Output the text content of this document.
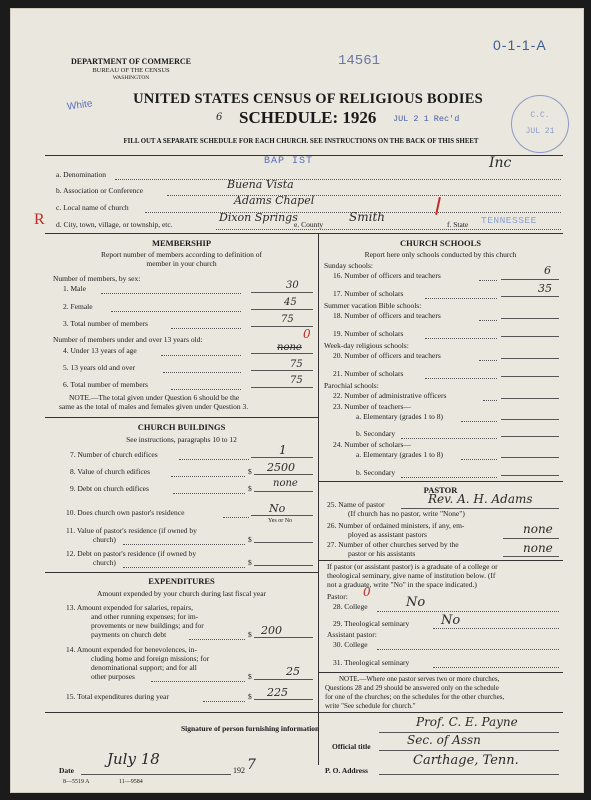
0-1-1-A
DEPARTMENT OF COMMERCE
BUREAU OF THE CENSUS
WASHINGTON
14561
White
6
UNITED STATES CENSUS OF RELIGIOUS BODIES
SCHEDULE: 1926 JUL 2 1 Rec'd	C.C.
JUL 21
FILL OUT A SEPARATE SCHEDULE FOR EACH CHURCH. SEE INSTRUCTIONS ON THE BACK OF THIS SHEET
BAP IST	Inc
a. Denomination
b. Association or Conference	Buena Vista
c. Local name of church
Adams Chapel
R d. City, town, village, or township, etc.
Dixon Springs
e. County
Smith
f. State TENNESSEE
MEMBERSHIP
Report number of members according to definition of
member in your church
Number of members, by sex:
1. Male	30
2. Female	45
3. Total number of members	75
Number of members under and over 13 years old:	0
4. Under 13 years of age	none
5. 13 years old and over	75
6. Total number of members	75
NOTE.—The total given under Question 6 should be the
same as the total of males and females given under Question 3.
CHURCH BUILDINGS
See instructions, paragraphs 10 to 12
7. Number of church edifices	1
8. Value of church edifices	$ 2500
9. Debt on church edifices	$ none
10. Does church own pastor's residence	No
Yes or No
11. Value of pastor's residence (if owned by
church)	$
12. Debt on pastor's residence (if owned by
church)	$
EXPENDITURES
Amount expended by your church during last fiscal year
13. Amount expended for salaries, repairs,
and other running expenses; for im-
provements or new buildings; and for
payments on church debt	$ 200
14. Amount expended for benevolences, in-
cluding home and foreign missions; for
denominational support; and for all
other purposes	$	25
15. Total expenditures during year	$ 225
CHURCH SCHOOLS
Report here only schools conducted by this church
Sunday schools:
16. Number of officers and teachers	6
17. Number of scholars	35
Summer vacation Bible schools:
18. Number of officers and teachers
19. Number of scholars
Week-day religious schools:
20. Number of officers and teachers
21. Number of scholars
Parochial schools:
22. Number of administrative officers
23. Number of teachers—
a. Elementary (grades 1 to 8)
b. Secondary
24. Number of scholars—
a. Elementary (grades 1 to 8)
b. Secondary
PASTOR
25. Name of pastor
(If church has no pastor, write "None")
Rev. A. H. Adams
26. Number of ordained ministers, if any, em-
ployed as assistant pastors	none
27. Number of other churches served by the
pastor or his assistants	none
If pastor (or assistant pastor) is a graduate of a college or
theological seminary, give name of institution below. (If
not a graduate, write "No" in the space indicated.)
Pastor: 0
28. College	No
29. Theological seminary No
Assistant pastor:
30. College
31. Theological seminary
NOTE.—Where one pastor serves two or more churches,
Questions 28 and 29 should be answered only on the schedule
for one of the churches; on the schedules for the other churches,
write "See schedule for church."
Signature of person furnishing information	Prof. C. E. Payne
Official title	Sec. of Assn
Date
July 18
192 7	P. O. Address
Carthage, Tenn.
8—5519 A	11—9584
